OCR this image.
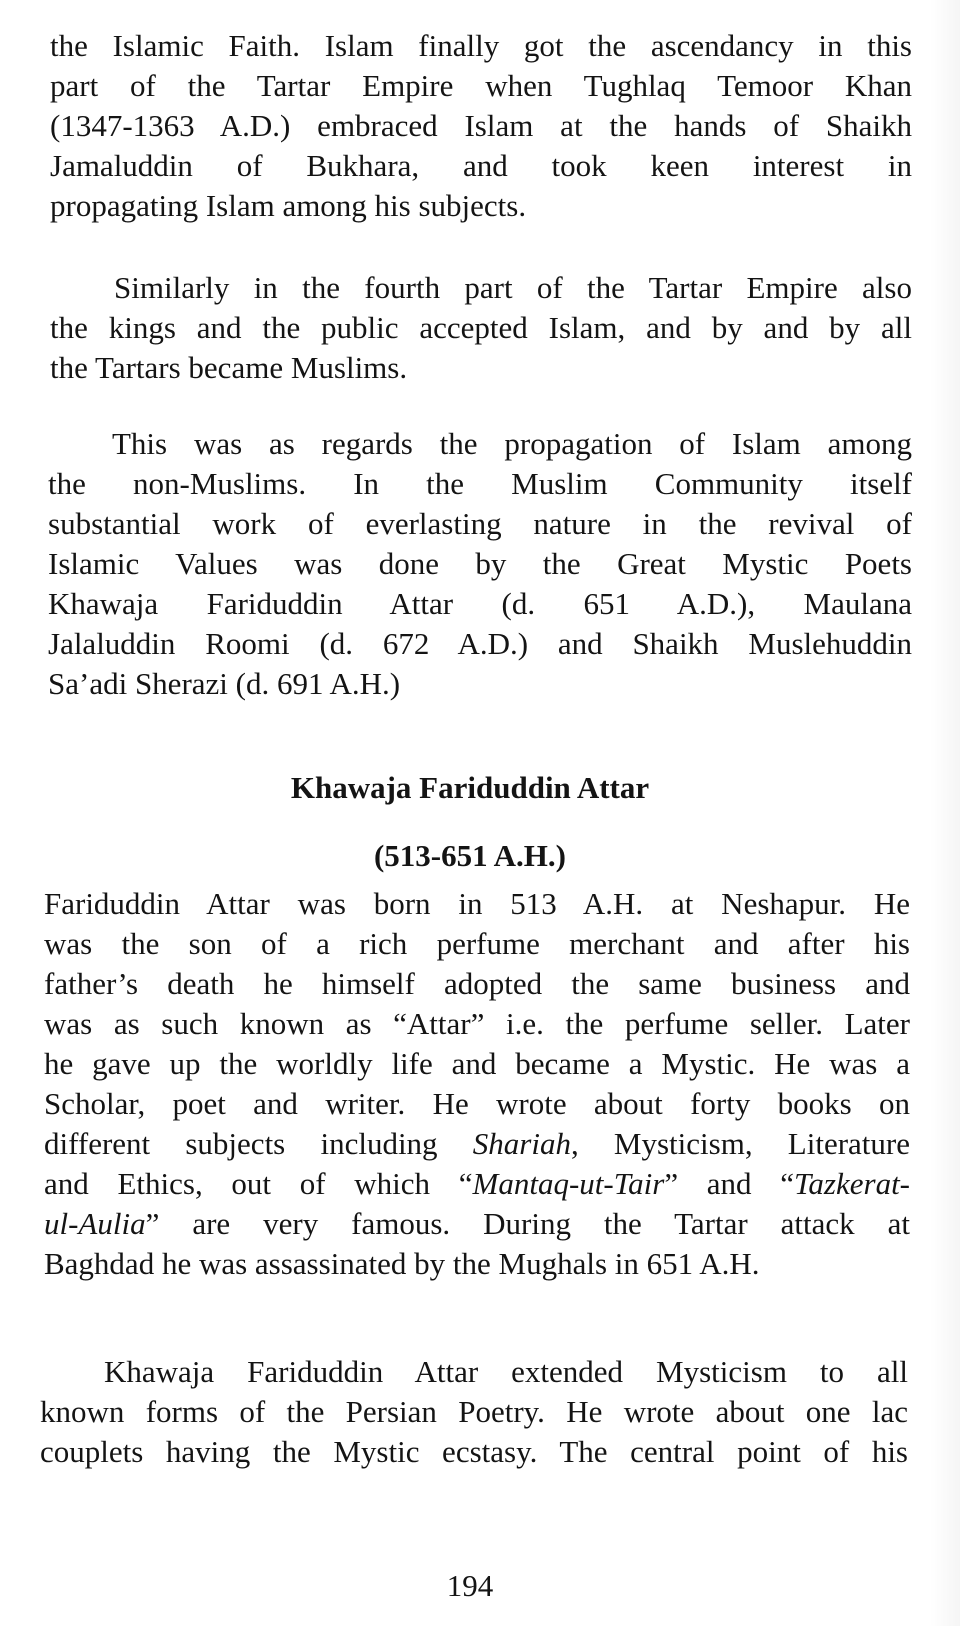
the Islamic Faith. Islam finally got the ascendancy in this
part of the Tartar Empire when Tughlaq Temoor Khan
(1347-1363 A.D.) embraced Islam at the hands of Shaikh
Jamaluddin of Bukhara, and took keen interest in
propagating Islam among his subjects.

Similarly in the fourth part of the Tartar Empire also
the kings and the public accepted Islam, and by and by all
the Tartars became Muslims.

This was as regards the propagation of Islam among
the non-Muslims. In the Muslim Community itself
substantial work of everlasting nature in the revival of
Islamic Values was done by the Great Mystic Poets
Khawaja Fariduddin Attar (d. 651 A.D.), Maulana
Jalaluddin Roomi (d. 672 A.D.) and Shaikh Muslehuddin
Sa’adi Sherazi (d. 691 A.H.)

Khawaja Fariduddin Attar
(513-651 A.H.)

Fariduddin Attar was born in 513 A.H. at Neshapur. He
was the son of a rich perfume merchant and after his
father’s death he himself adopted the same business and
was as such known as “Attar” i.e. the perfume seller. Later
he gave up the worldly life and became a Mystic. He was a
Scholar, poet and writer. He wrote about forty books on
different subjects including Shariah, Mysticism, Literature
and Ethics, out of which “Mantaq-ut-Tair” and “Tazkerat-
ul-Aulia” are very famous. During the Tartar attack at
Baghdad he was assassinated by the Mughals in 651 A.H.

Khawaja Fariduddin Attar extended Mysticism to all
known forms of the Persian Poetry. He wrote about one lac
couplets having the Mystic ecstasy. The central point of his

194
